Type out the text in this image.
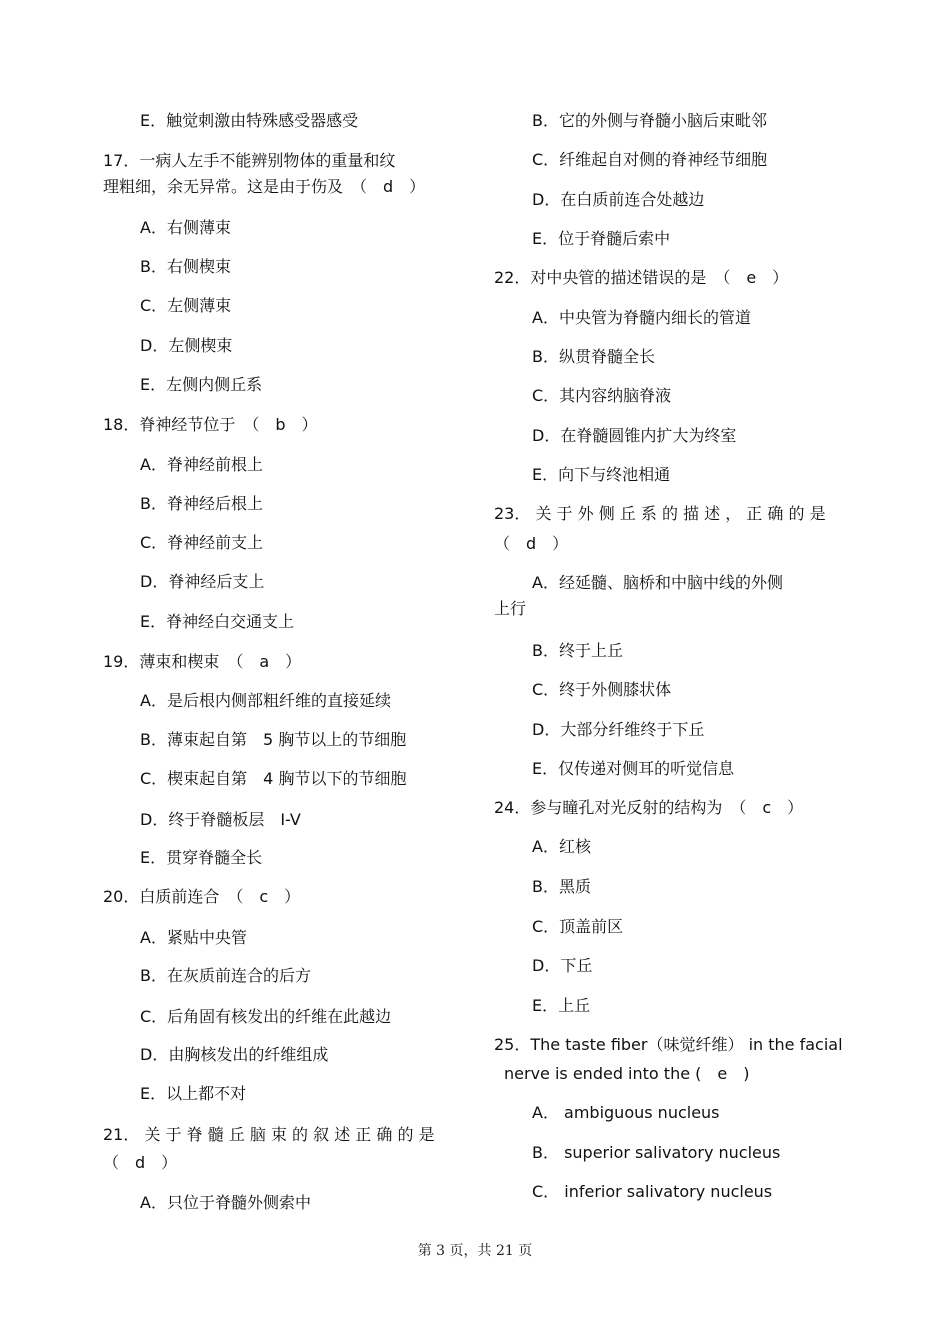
E．触觉刺激由特殊感受器感受
17．一病人左手不能辨别物体的重量和纹
理粗细，余无异常。这是由于伤及　（　d　）
A．右侧薄束
B．右侧楔束
C．左侧薄束
D．左侧楔束
E．左侧内侧丘系
18．脊神经节位于　（　b　）
A．脊神经前根上
B．脊神经后根上
C．脊神经前支上
D．脊神经后支上
E．脊神经白交通支上
19．薄束和楔束　（　a　）
A．是后根内侧部粗纤维的直接延续
B．薄束起自第　5 胸节以上的节细胞
C．楔束起自第　4 胸节以下的节细胞
D．终于脊髓板层　I-V
E．贯穿脊髓全长
20．白质前连合　（　c　）
A．紧贴中央管
B．在灰质前连合的后方
C．后角固有核发出的纤维在此越边
D．由胸核发出的纤维组成
E．以上都不对
21． 关 于 脊 髓 丘 脑 束 的 叙 述 正 确 的 是
（　d　）
A．只位于脊髓外侧索中
B．它的外侧与脊髓小脑后束毗邻
C．纤维起自对侧的脊神经节细胞
D．在白质前连合处越边
E．位于脊髓后索中
22．对中央管的描述错误的是　（　e　）
A．中央管为脊髓内细长的管道
B．纵贯脊髓全长
C．其内容纳脑脊液
D．在脊髓圆锥内扩大为终室
E．向下与终池相通
23． 关 于 外 侧 丘 系 的 描 述 ， 正 确 的 是
（　d　）
A．经延髓、脑桥和中脑中线的外侧
上行
B．终于上丘
C．终于外侧膝状体
D．大部分纤维终于下丘
E．仅传递对侧耳的听觉信息
24．参与瞳孔对光反射的结构为　（　c　）
A．红核
B．黑质
C．顶盖前区
D．下丘
E．上丘
25．The taste fiber（味觉纤维） in the facial
nerve is ended into the (　e　)
A． ambiguous nucleus
B． superior salivatory nucleus
C． inferior salivatory nucleus
第 3 页，共 21 页
